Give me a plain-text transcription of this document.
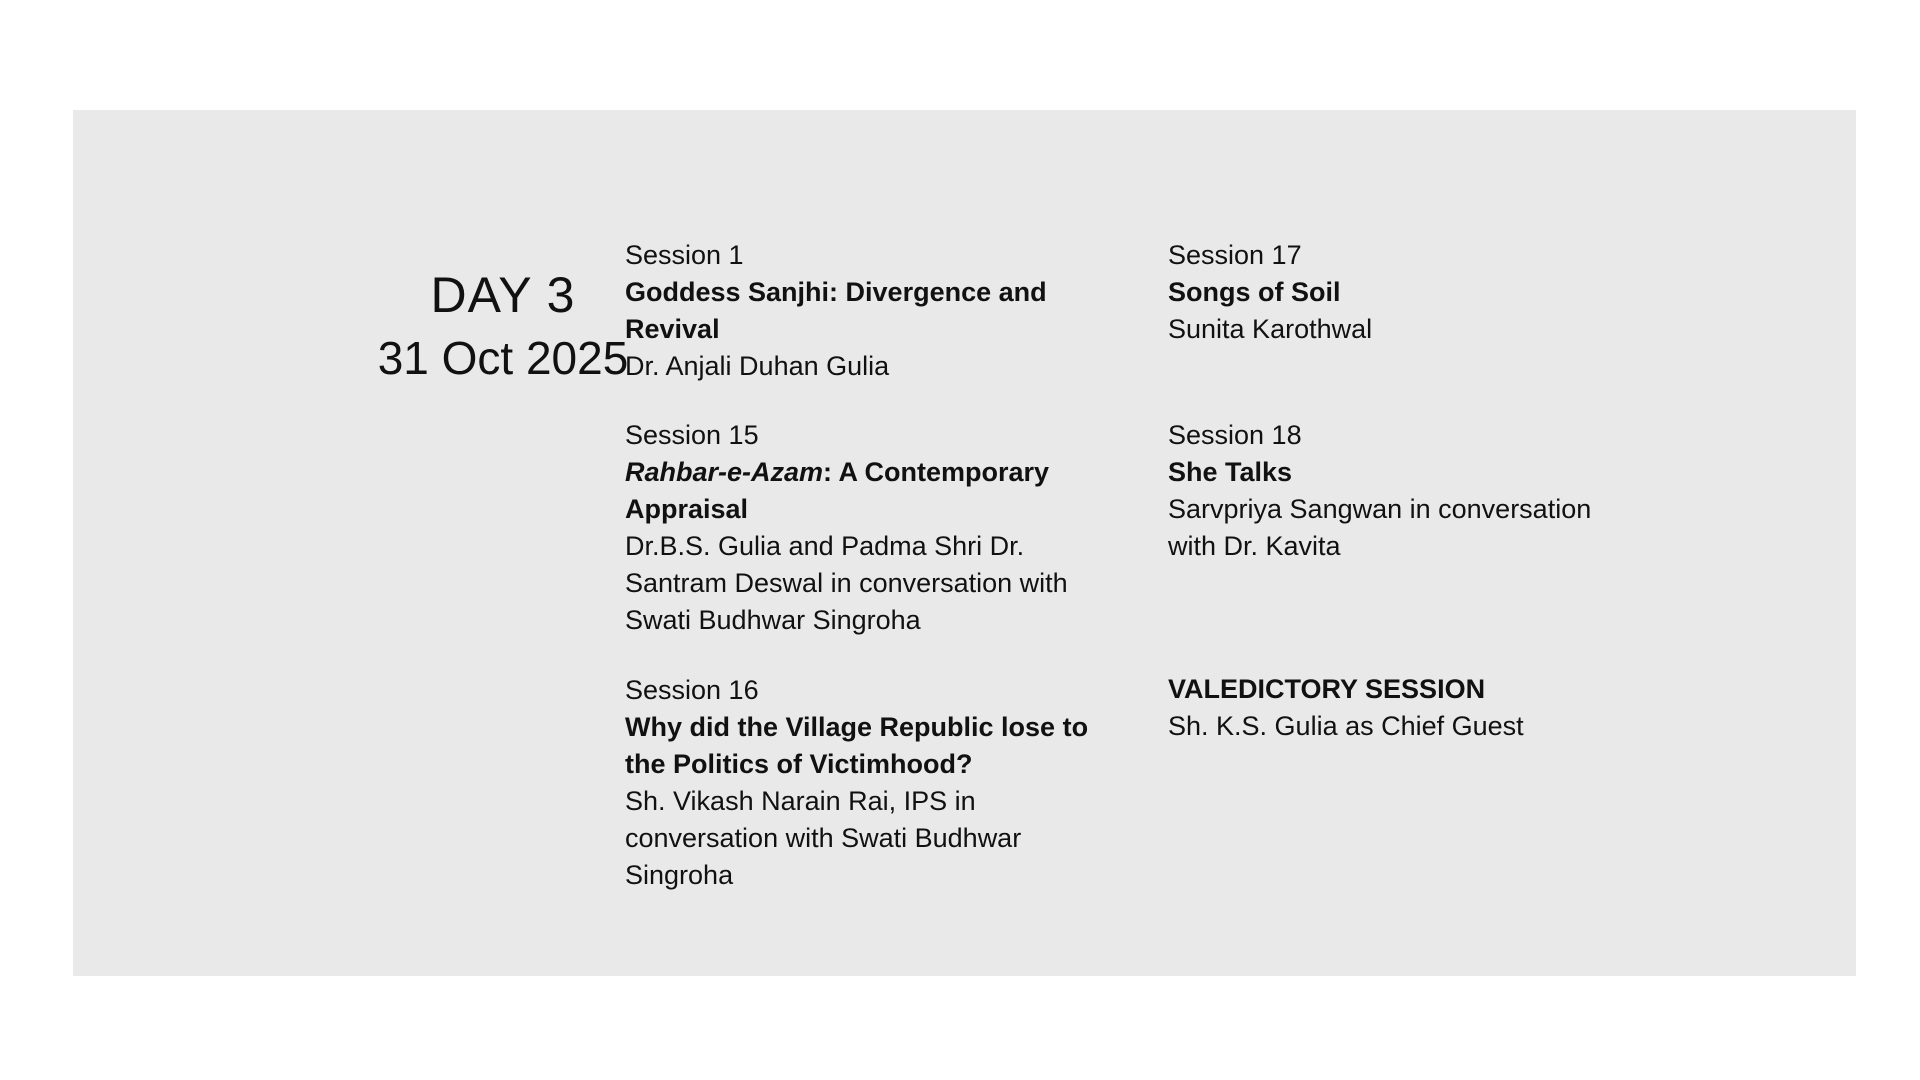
DAY 3
31 Oct 2025
Session 1
Goddess Sanjhi: Divergence and Revival
Dr. Anjali Duhan Gulia
Session 15
Rahbar-e-Azam: A Contemporary Appraisal
Dr.B.S. Gulia and Padma Shri Dr. Santram Deswal in conversation with Swati Budhwar Singroha
Session 16
Why did the Village Republic lose to the Politics of Victimhood?
Sh. Vikash Narain Rai, IPS in conversation with Swati Budhwar Singroha
Session 17
Songs of Soil
Sunita Karothwal
Session 18
She Talks
Sarvpriya Sangwan in conversation with Dr. Kavita
VALEDICTORY SESSION
Sh. K.S. Gulia as Chief Guest
